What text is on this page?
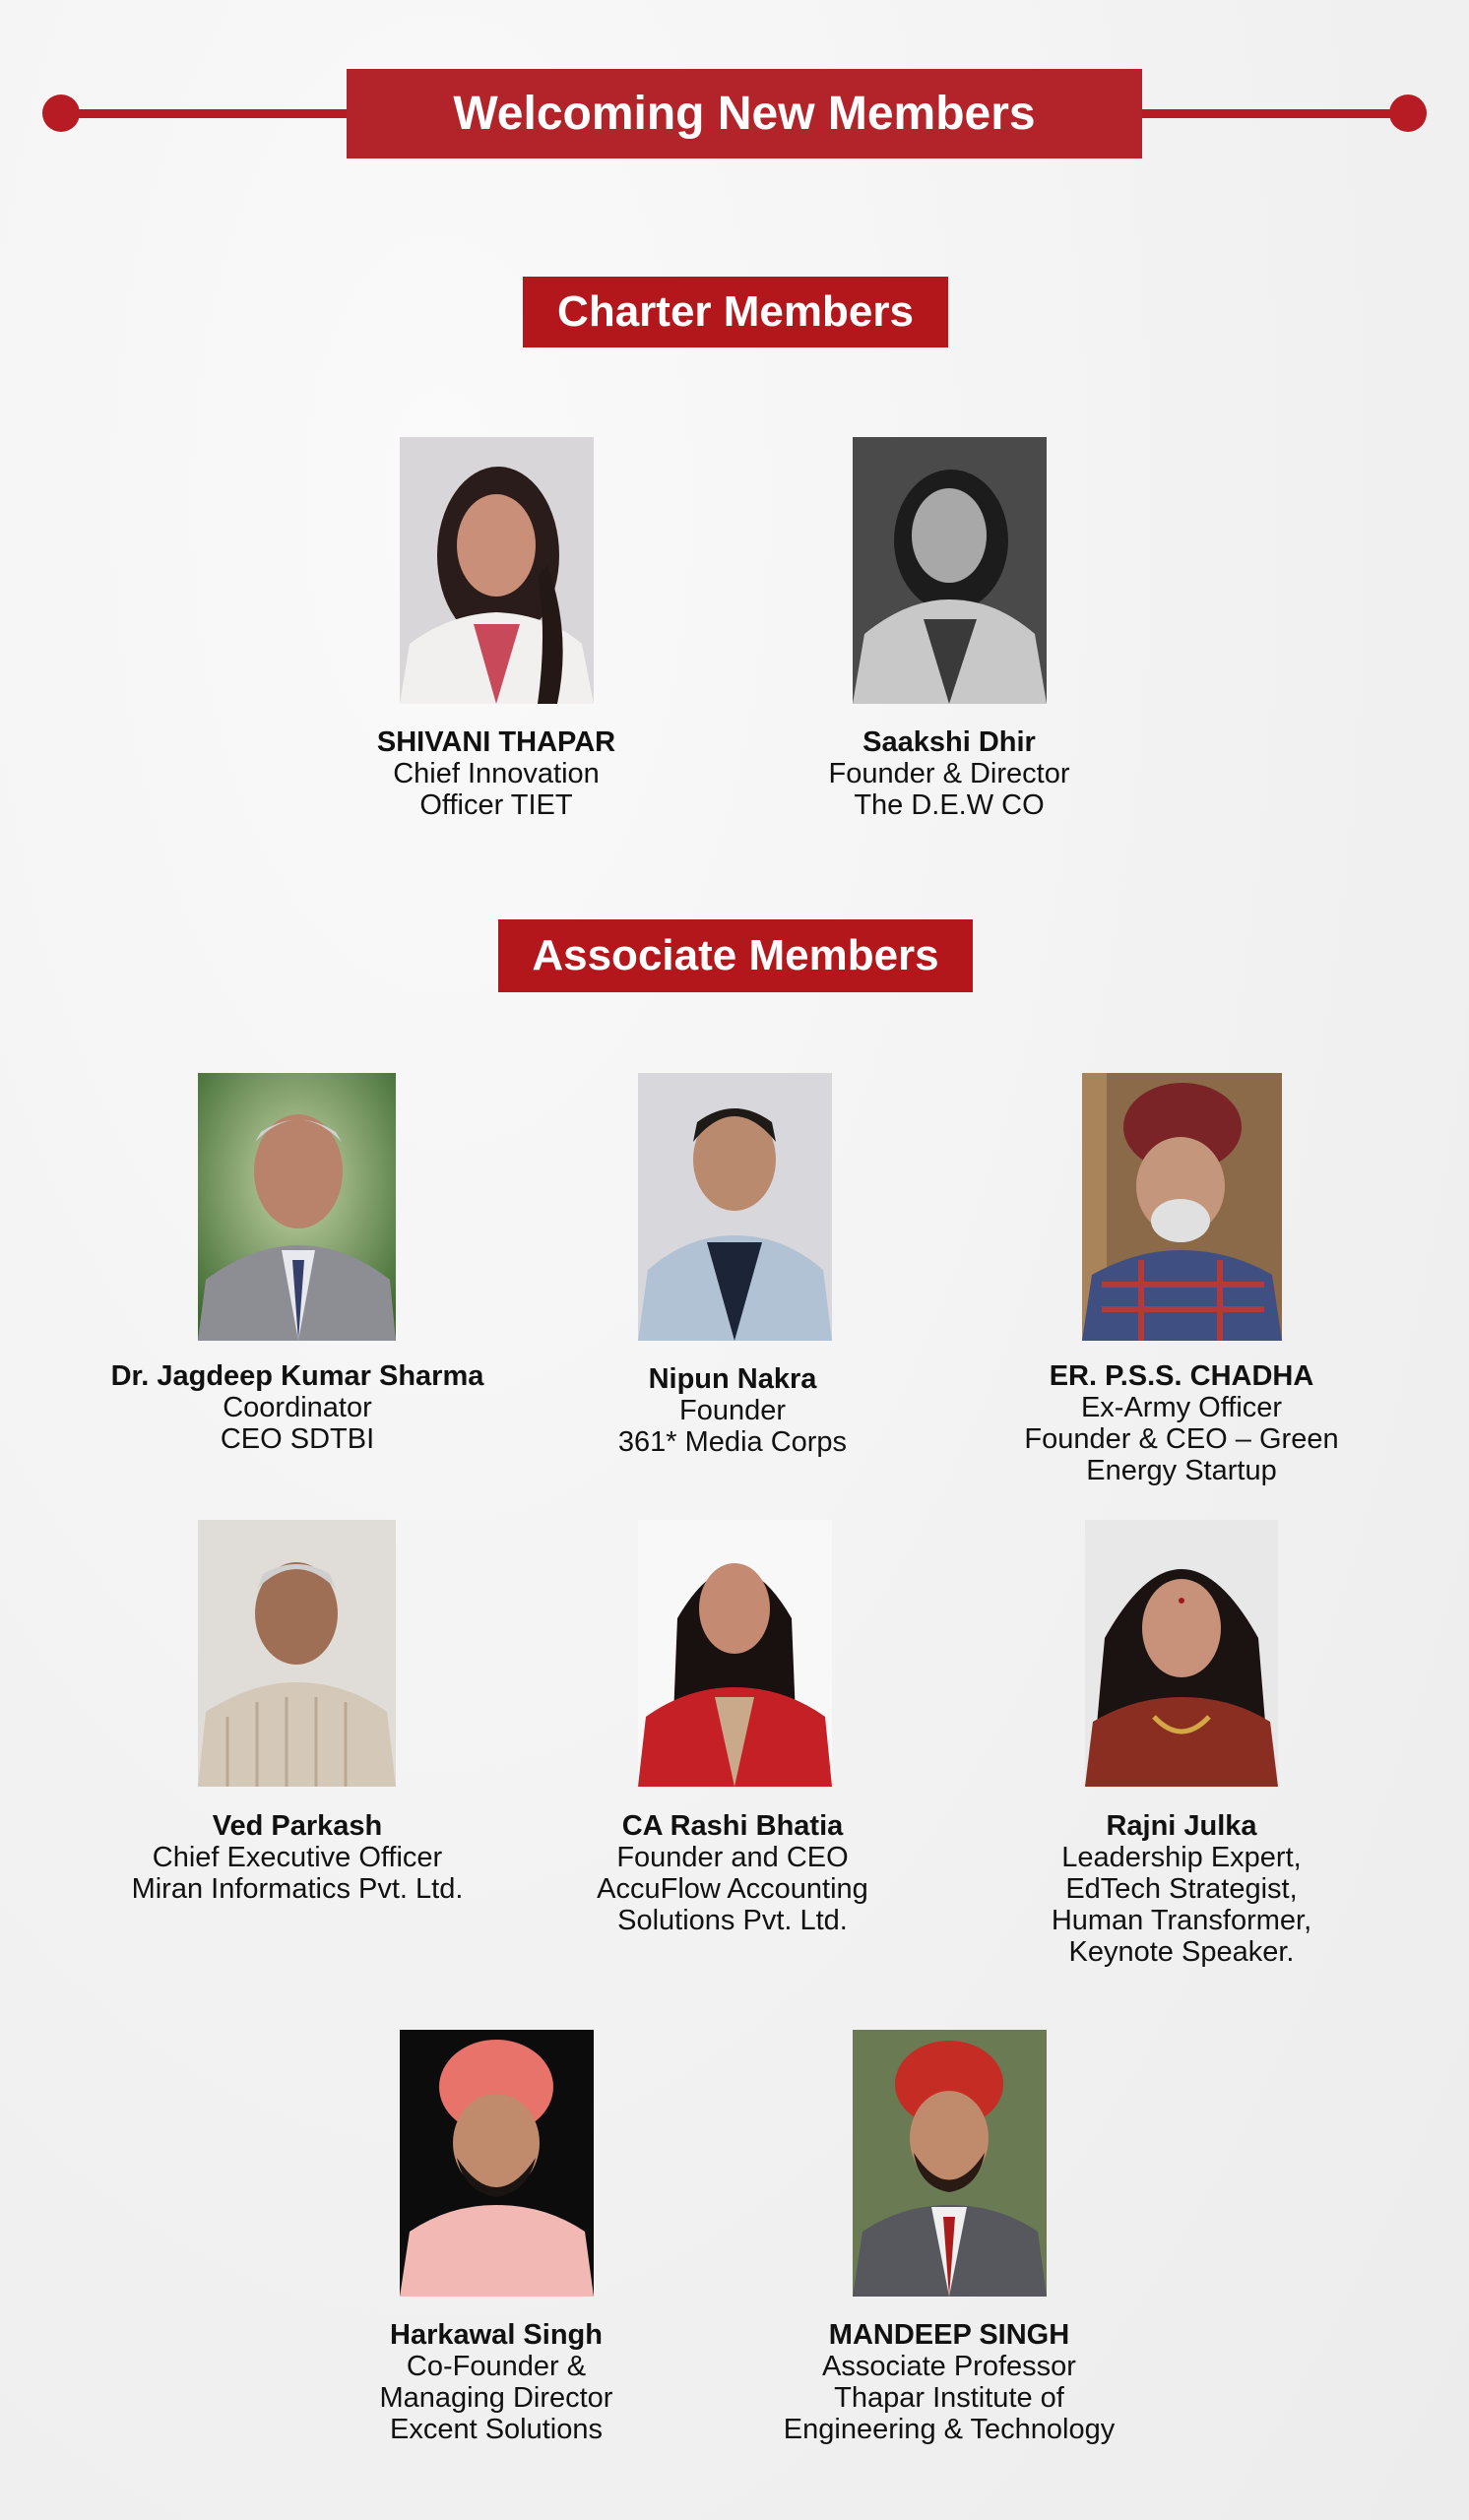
Welcoming New Members
Charter Members
SHIVANI THAPAR
Chief Innovation
Officer TIET
Saakshi Dhir
Founder & Director
The D.E.W CO
Associate Members
Dr. Jagdeep Kumar Sharma
Coordinator
CEO SDTBI
Nipun Nakra
Founder
361* Media Corps
ER. P.S.S. CHADHA
Ex-Army Officer
Founder & CEO – Green
Energy Startup
Ved Parkash
Chief Executive Officer
Miran Informatics Pvt. Ltd.
CA Rashi Bhatia
Founder and CEO
AccuFlow Accounting
Solutions Pvt. Ltd.
Rajni Julka
Leadership Expert,
EdTech Strategist,
Human Transformer,
Keynote Speaker.
Harkawal Singh
Co-Founder &
Managing Director
Excent Solutions
MANDEEP SINGH
Associate Professor
Thapar Institute of
Engineering & Technology
